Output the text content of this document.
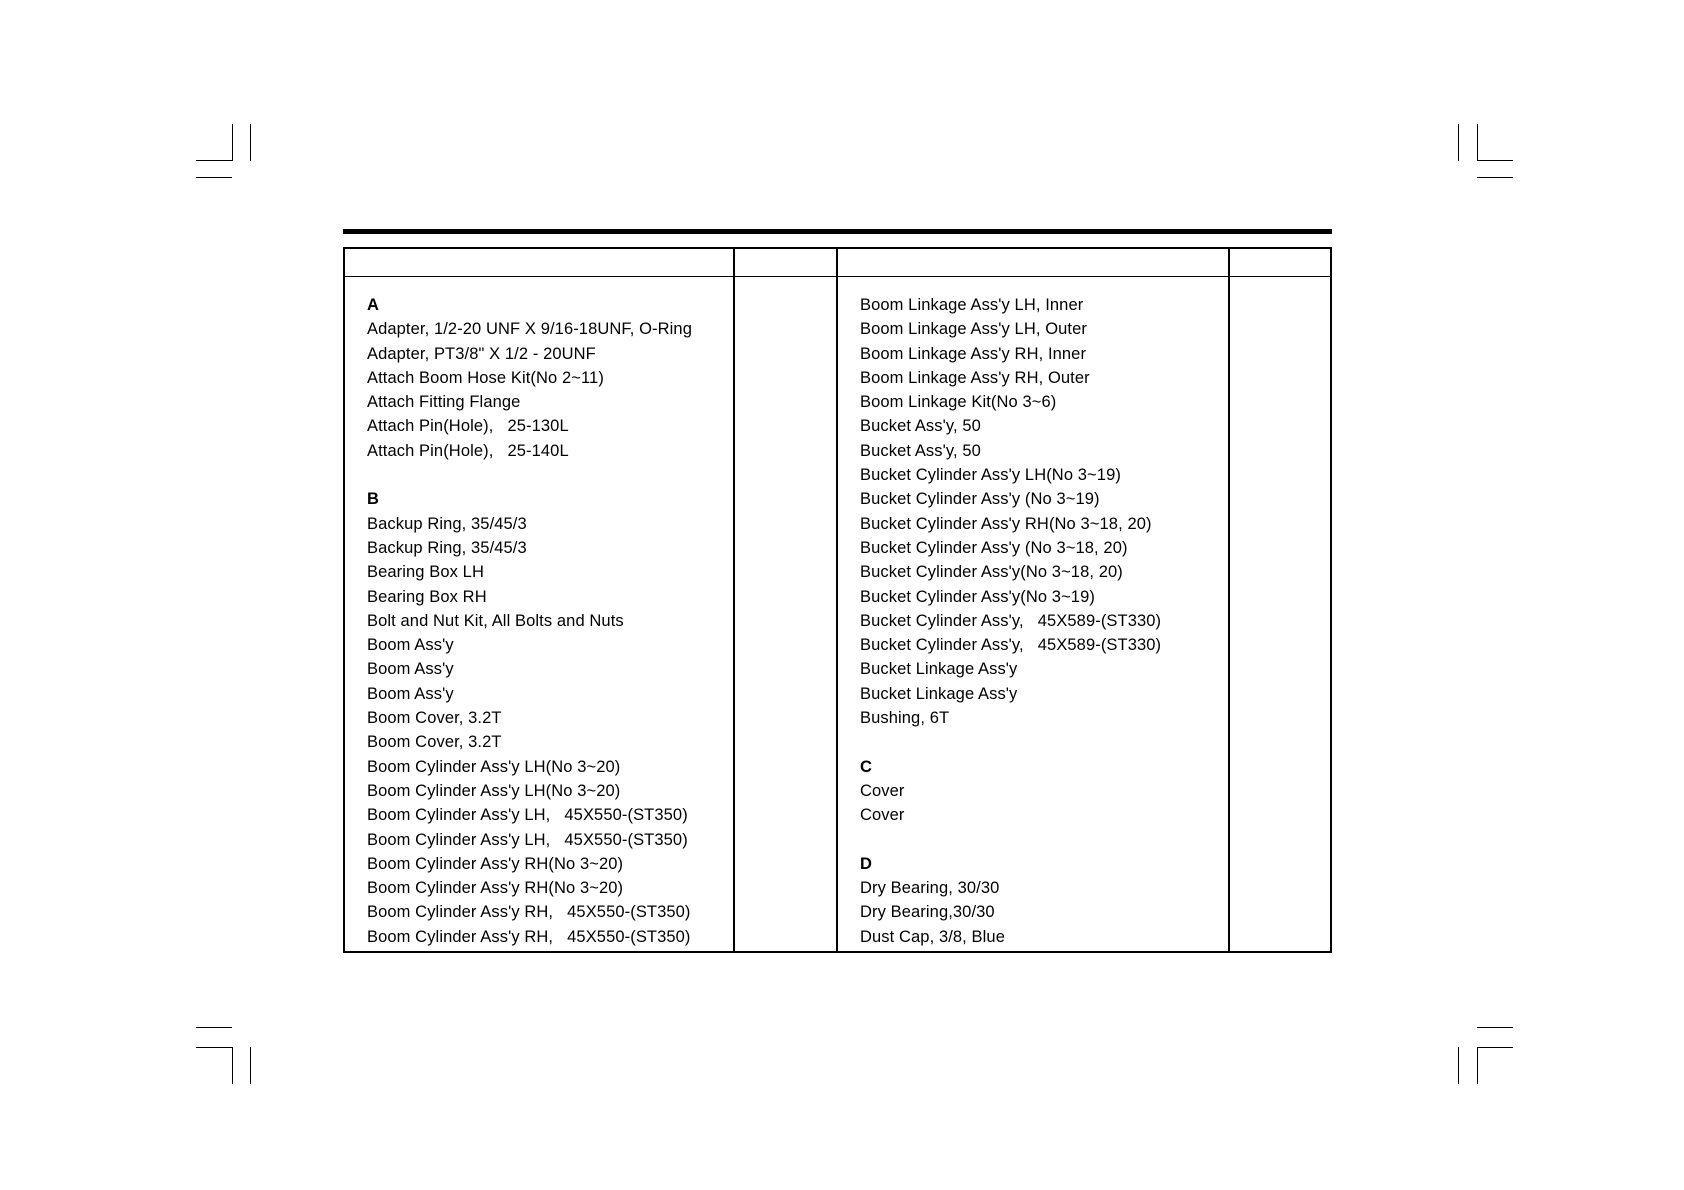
A
Adapter, 1/2-20 UNF X 9/16-18UNF, O-Ring
Adapter, PT3/8" X 1/2 - 20UNF
Attach Boom Hose Kit(No 2~11)
Attach Fitting Flange
Attach Pin(Hole),   25-130L
Attach Pin(Hole),   25-140L
B
Backup Ring, 35/45/3
Backup Ring, 35/45/3
Bearing Box LH
Bearing Box RH
Bolt and Nut Kit, All Bolts and Nuts
Boom Ass'y
Boom Ass'y
Boom Ass'y
Boom Cover, 3.2T
Boom Cover, 3.2T
Boom Cylinder Ass'y LH(No 3~20)
Boom Cylinder Ass'y LH(No 3~20)
Boom Cylinder Ass'y LH,   45X550-(ST350)
Boom Cylinder Ass'y LH,   45X550-(ST350)
Boom Cylinder Ass'y RH(No 3~20)
Boom Cylinder Ass'y RH(No 3~20)
Boom Cylinder Ass'y RH,   45X550-(ST350)
Boom Cylinder Ass'y RH,   45X550-(ST350)
Boom Linkage Ass'y LH, Inner
Boom Linkage Ass'y LH, Outer
Boom Linkage Ass'y RH, Inner
Boom Linkage Ass'y RH, Outer
Boom Linkage Kit(No 3~6)
Bucket Ass'y, 50
Bucket Ass'y, 50
Bucket Cylinder Ass'y LH(No 3~19)
Bucket Cylinder Ass'y (No 3~19)
Bucket Cylinder Ass'y RH(No 3~18, 20)
Bucket Cylinder Ass'y (No 3~18, 20)
Bucket Cylinder Ass'y(No 3~18, 20)
Bucket Cylinder Ass'y(No 3~19)
Bucket Cylinder Ass'y,   45X589-(ST330)
Bucket Cylinder Ass'y,   45X589-(ST330)
Bucket Linkage Ass'y
Bucket Linkage Ass'y
Bushing, 6T
C
Cover
Cover
D
Dry Bearing, 30/30
Dry Bearing,30/30
Dust Cap, 3/8, Blue
